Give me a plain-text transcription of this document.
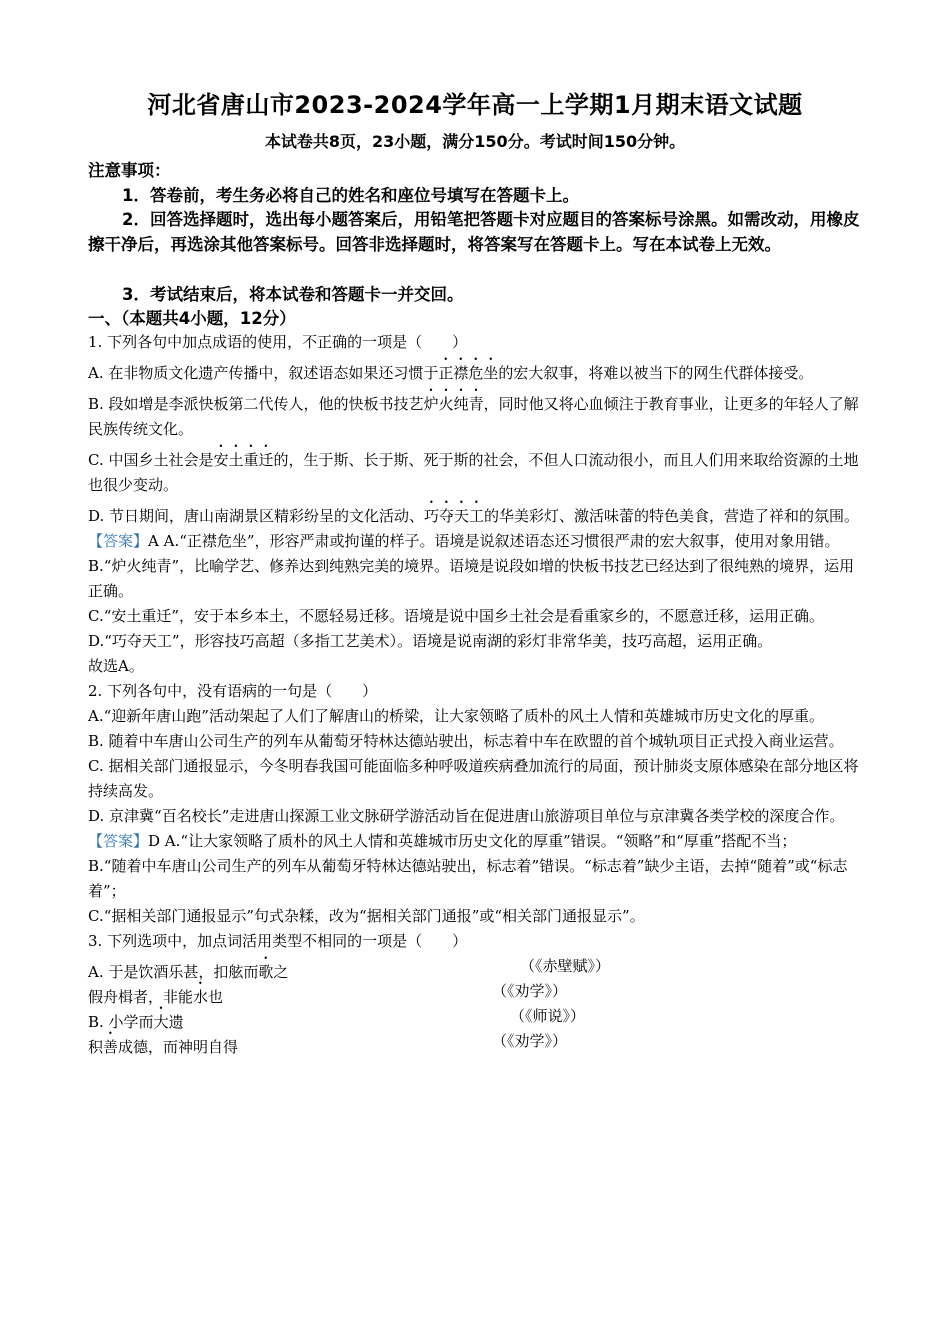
河北省唐山市2023-2024学年高一上学期1月期末语文试题
本试卷共8页，23小题，满分150分。考试时间150分钟。
注意事项：
1．答卷前，考生务必将自己的姓名和座位号填写在答题卡上。
2．回答选择题时，选出每小题答案后，用铅笔把答题卡对应题目的答案标号涂黑。如需改动，用橡皮擦干净后，再选涂其他答案标号。回答非选择题时，将答案写在答题卡上。写在本试卷上无效。
3．考试结束后，将本试卷和答题卡一并交回。
一、（本题共4小题，12分）

1. 下列各句中加点成语的使用，不正确的一项是（　　）

A. 在非物质文化遗产传播中，叙述语态如果还习惯于正襟危坐的宏大叙事，将难以被当下的网生代群体接受。

B. 段如增是李派快板第二代传人，他的快板书技艺炉火纯青，同时他又将心血倾注于教育事业，让更多的年轻人了解民族传统文化。

C. 中国乡土社会是安土重迁的，生于斯、长于斯、死于斯的社会，不但人口流动很小，而且人们用来取给资源的土地也很少变动。

D. 节日期间，唐山南湖景区精彩纷呈的文化活动、巧夺天工的华美彩灯、激活味蕾的特色美食，营造了祥和的氛围。

【答案】A A.“正襟危坐”，形容严肃或拘谨的样子。语境是说叙述语态还习惯很严肃的宏大叙事，使用对象用错。

B.“炉火纯青”，比喻学艺、修养达到纯熟完美的境界。语境是说段如增的快板书技艺已经达到了很纯熟的境界，运用正确。

C.“安土重迁”，安于本乡本土，不愿轻易迁移。语境是说中国乡土社会是看重家乡的，不愿意迁移，运用正确。

D.“巧夺天工”，形容技巧高超（多指工艺美术）。语境是说南湖的彩灯非常华美，技巧高超，运用正确。

故选A。

2. 下列各句中，没有语病的一句是（　　）

A.“迎新年唐山跑”活动架起了人们了解唐山的桥梁，让大家领略了质朴的风土人情和英雄城市历史文化的厚重。

B. 随着中车唐山公司生产的列车从葡萄牙特林达德站驶出，标志着中车在欧盟的首个城轨项目正式投入商业运营。

C. 据相关部门通报显示，今冬明春我国可能面临多种呼吸道疾病叠加流行的局面，预计肺炎支原体感染在部分地区将持续高发。

D. 京津冀“百名校长”走进唐山探源工业文脉研学游活动旨在促进唐山旅游项目单位与京津冀各类学校的深度合作。

【答案】D A.“让大家领略了质朴的风土人情和英雄城市历史文化的厚重”错误。“领略”和“厚重”搭配不当；

B.“随着中车唐山公司生产的列车从葡萄牙特林达德站驶出，标志着”错误。“标志着”缺少主语，去掉“随着”或“标志着”；

C.“据相关部门通报显示”句式杂糅，改为“据相关部门通报”或“相关部门通报显示”。

3. 下列选项中，加点词活用类型不相同的一项是（　　）

A. 于是饮酒乐甚，扣舷而歌之	（《赤壁赋》）
假舟楫者，非能水也	（《劝学》）
B. 小学而大遗	（《师说》）
积善成德，而神明自得	（《劝学》）
